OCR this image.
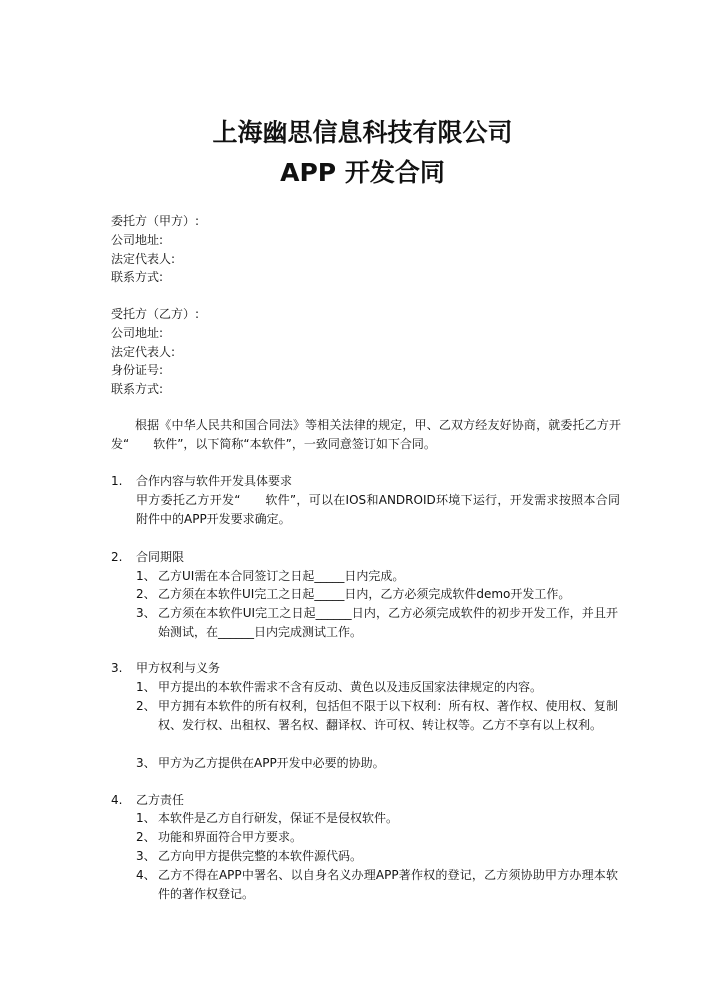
上海幽思信息科技有限公司
APP 开发合同
委托方（甲方）:
公司地址:
法定代表人:
联系方式:
受托方（乙方）:
公司地址:
法定代表人:
身份证号:
联系方式:
根据《中华人民共和国合同法》等相关法律的规定，甲、乙双方经友好协商，就委托乙方开发“　　软件”，以下简称“本软件”，一致同意签订如下合同。
1. 合作内容与软件开发具体要求
甲方委托乙方开发“　　软件”，可以在IOS和ANDROID环境下运行，开发需求按照本合同附件中的APP开发要求确定。
2. 合同期限
1、 乙方UI需在本合同签订之日起_____日内完成。
2、 乙方须在本软件UI完工之日起_____日内，乙方必须完成软件demo开发工作。
3、 乙方须在本软件UI完工之日起______日内，乙方必须完成软件的初步开发工作，并且开始测试，在______日内完成测试工作。
3. 甲方权利与义务
1、 甲方提出的本软件需求不含有反动、黄色以及违反国家法律规定的内容。
2、 甲方拥有本软件的所有权利，包括但不限于以下权利：所有权、著作权、使用权、复制权、发行权、出租权、署名权、翻译权、许可权、转让权等。乙方不享有以上权利。
3、 甲方为乙方提供在APP开发中必要的协助。
4. 乙方责任
1、 本软件是乙方自行研发，保证不是侵权软件。
2、 功能和界面符合甲方要求。
3、 乙方向甲方提供完整的本软件源代码。
4、 乙方不得在APP中署名、以自身名义办理APP著作权的登记，乙方须协助甲方办理本软件的著作权登记。
